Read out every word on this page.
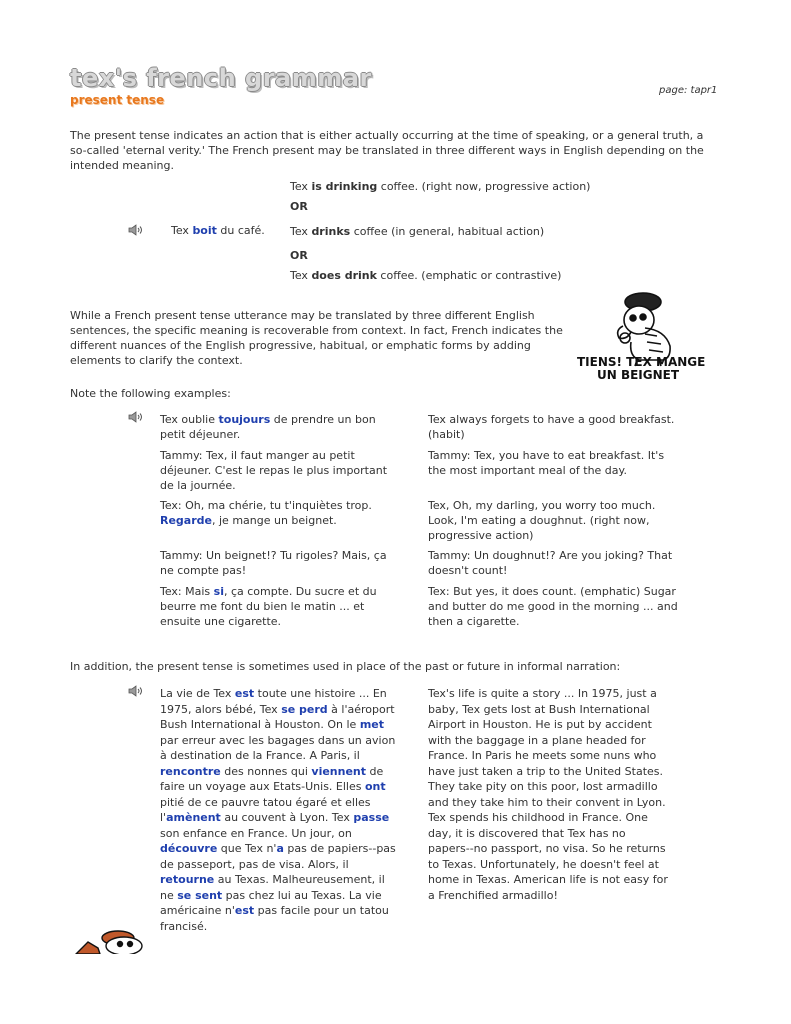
tex's french grammar
present tense
page: tapr1
The present tense indicates an action that is either actually occurring at the time of speaking, or a general truth, a so-called 'eternal verity.' The French present may be translated in three different ways in English depending on the intended meaning.
Tex boit du café.
Tex is drinking coffee. (right now, progressive action)
OR
Tex drinks coffee (in general, habitual action)
OR
Tex does drink coffee. (emphatic or contrastive)
While a French present tense utterance may be translated by three different English sentences, the specific meaning is recoverable from context. In fact, French indicates the different nuances of the English progressive, habitual, or emphatic forms by adding elements to clarify the context.	TIENS! TEX MANGE
UN BEIGNET
Note the following examples:
Tex oublie toujours de prendre un bon petit déjeuner.
Tex always forgets to have a good breakfast. (habit)
Tammy: Tex, il faut manger au petit déjeuner. C'est le repas le plus important de la journée.
Tammy: Tex, you have to eat breakfast. It's the most important meal of the day.
Tex: Oh, ma chérie, tu t'inquiètes trop. Regarde, je mange un beignet.
Tex, Oh, my darling, you worry too much. Look, I'm eating a doughnut. (right now, progressive action)
Tammy: Un beignet!? Tu rigoles? Mais, ça ne compte pas!
Tammy: Un doughnut!? Are you joking? That doesn't count!
Tex: Mais si, ça compte. Du sucre et du beurre me font du bien le matin ... et ensuite une cigarette.
Tex: But yes, it does count. (emphatic) Sugar and butter do me good in the morning ... and then a cigarette.
In addition, the present tense is sometimes used in place of the past or future in informal narration:
La vie de Tex est toute une histoire ... En 1975, alors bébé, Tex se perd à l'aéroport Bush International à Houston. On le met par erreur avec les bagages dans un avion à destination de la France. A Paris, il rencontre des nonnes qui viennent de faire un voyage aux Etats-Unis. Elles ont pitié de ce pauvre tatou égaré et elles l'amènent au couvent à Lyon. Tex passe son enfance en France. Un jour, on découvre que Tex n'a pas de papiers--pas de passeport, pas de visa. Alors, il retourne au Texas. Malheureusement, il ne se sent pas chez lui au Texas. La vie américaine n'est pas facile pour un tatou francisé.
Tex's life is quite a story ... In 1975, just a baby, Tex gets lost at Bush International Airport in Houston. He is put by accident with the baggage in a plane headed for France. In Paris he meets some nuns who have just taken a trip to the United States. They take pity on this poor, lost armadillo and they take him to their convent in Lyon. Tex spends his childhood in France. One day, it is discovered that Tex has no papers--no passport, no visa. So he returns to Texas. Unfortunately, he doesn't feel at home in Texas. American life is not easy for a Frenchified armadillo!
